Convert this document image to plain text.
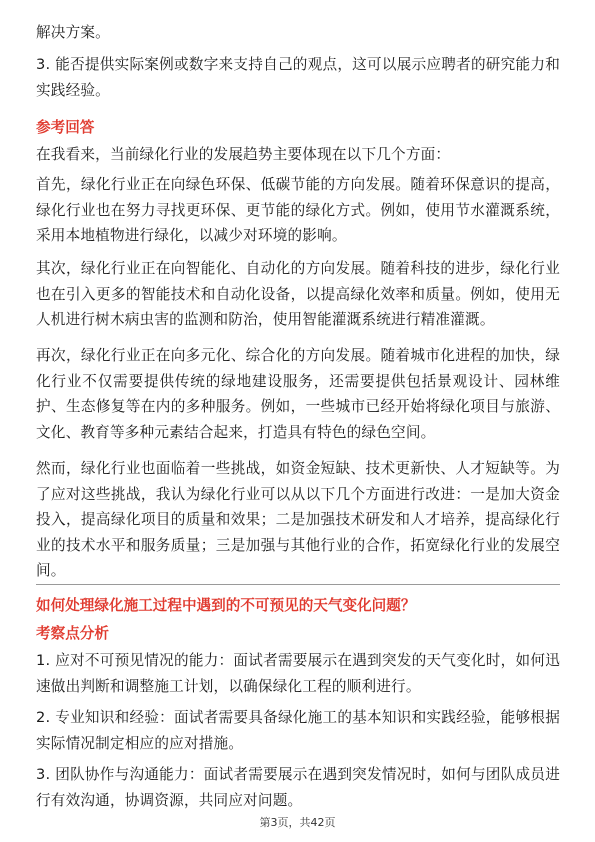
解决方案。

3. 能否提供实际案例或数字来支持自己的观点，这可以展示应聘者的研究能力和实践经验。

参考回答

在我看来，当前绿化行业的发展趋势主要体现在以下几个方面：

首先，绿化行业正在向绿色环保、低碳节能的方向发展。随着环保意识的提高，绿化行业也在努力寻找更环保、更节能的绿化方式。例如，使用节水灌溉系统，采用本地植物进行绿化，以减少对环境的影响。

其次，绿化行业正在向智能化、自动化的方向发展。随着科技的进步，绿化行业也在引入更多的智能技术和自动化设备，以提高绿化效率和质量。例如，使用无人机进行树木病虫害的监测和防治，使用智能灌溉系统进行精准灌溉。

再次，绿化行业正在向多元化、综合化的方向发展。随着城市化进程的加快，绿化行业不仅需要提供传统的绿地建设服务，还需要提供包括景观设计、园林维护、生态修复等在内的多种服务。例如，一些城市已经开始将绿化项目与旅游、文化、教育等多种元素结合起来，打造具有特色的绿色空间。

然而，绿化行业也面临着一些挑战，如资金短缺、技术更新快、人才短缺等。为了应对这些挑战，我认为绿化行业可以从以下几个方面进行改进：一是加大资金投入，提高绿化项目的质量和效果；二是加强技术研发和人才培养，提高绿化行业的技术水平和服务质量；三是加强与其他行业的合作，拓宽绿化行业的发展空间。

如何处理绿化施工过程中遇到的不可预见的天气变化问题？

考察点分析

1. 应对不可预见情况的能力：面试者需要展示在遇到突发的天气变化时，如何迅速做出判断和调整施工计划，以确保绿化工程的顺利进行。

2. 专业知识和经验：面试者需要具备绿化施工的基本知识和实践经验，能够根据实际情况制定相应的应对措施。

3. 团队协作与沟通能力：面试者需要展示在遇到突发情况时，如何与团队成员进行有效沟通，协调资源，共同应对问题。

第3页，共42页
